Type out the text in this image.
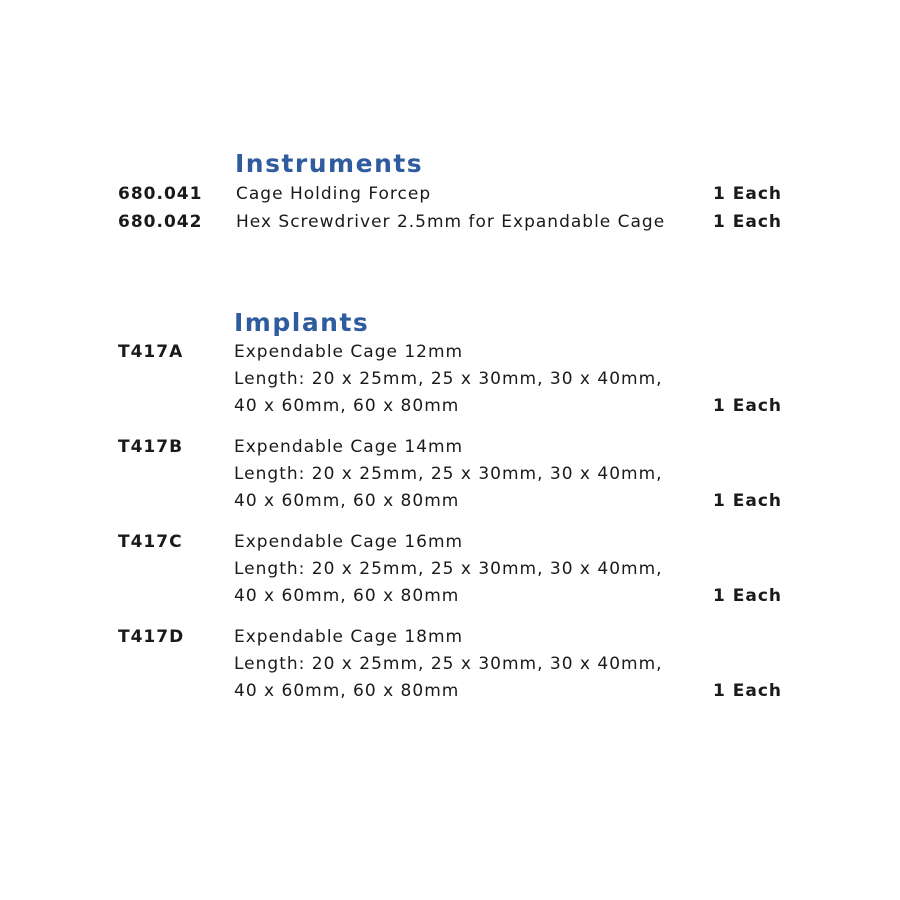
Instruments
680.041 Cage Holding Forcep	1 Each
680.042 Hex Screwdriver 2.5mm for Expandable Cage	1 Each
Implants
T417A	Expendable Cage 12mm
Length: 20 x 25mm, 25 x 30mm, 30 x 40mm,
40 x 60mm, 60 x 80mm	1 Each
T417B	Expendable Cage 14mm
Length: 20 x 25mm, 25 x 30mm, 30 x 40mm,
40 x 60mm, 60 x 80mm	1 Each
T417C	Expendable Cage 16mm
Length: 20 x 25mm, 25 x 30mm, 30 x 40mm,
40 x 60mm, 60 x 80mm	1 Each
T417D	Expendable Cage 18mm
Length: 20 x 25mm, 25 x 30mm, 30 x 40mm,
40 x 60mm, 60 x 80mm	1 Each
